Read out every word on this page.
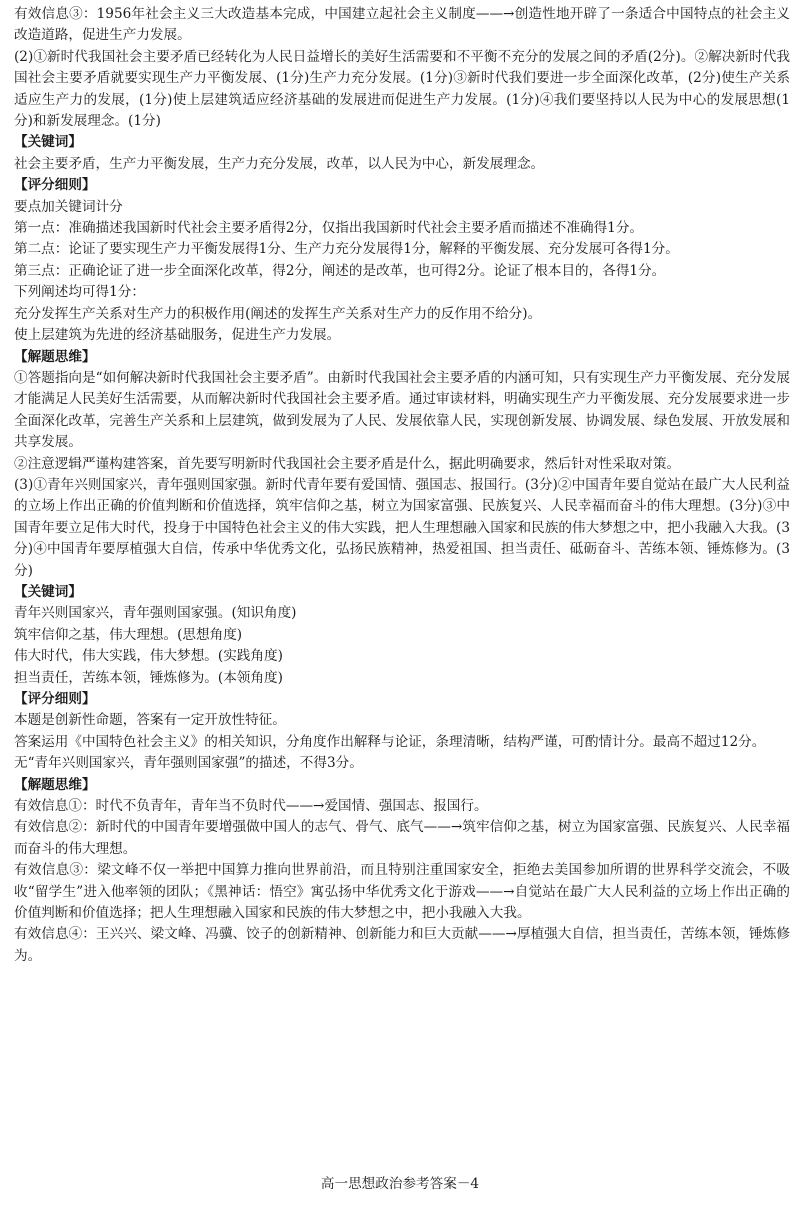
有效信息③：1956年社会主义三大改造基本完成，中国建立起社会主义制度——→创造性地开辟了一条适合中国特点的社会主义改造道路，促进生产力发展。

(2)①新时代我国社会主要矛盾已经转化为人民日益增长的美好生活需要和不平衡不充分的发展之间的矛盾(2分)。②解决新时代我国社会主要矛盾就要实现生产力平衡发展、(1分)生产力充分发展。(1分)③新时代我们要进一步全面深化改革，(2分)使生产关系适应生产力的发展，(1分)使上层建筑适应经济基础的发展进而促进生产力发展。(1分)④我们要坚持以人民为中心的发展思想(1分)和新发展理念。(1分)

【关键词】

社会主要矛盾，生产力平衡发展，生产力充分发展，改革，以人民为中心，新发展理念。

【评分细则】

要点加关键词计分

第一点：准确描述我国新时代社会主要矛盾得2分，仅指出我国新时代社会主要矛盾而描述不准确得1分。

第二点：论证了要实现生产力平衡发展得1分、生产力充分发展得1分，解释的平衡发展、充分发展可各得1分。

第三点：正确论证了进一步全面深化改革，得2分，阐述的是改革，也可得2分。论证了根本目的，各得1分。

下列阐述均可得1分：

充分发挥生产关系对生产力的积极作用(阐述的发挥生产关系对生产力的反作用不给分)。

使上层建筑为先进的经济基础服务，促进生产力发展。

【解题思维】

①答题指向是“如何解决新时代我国社会主要矛盾”。由新时代我国社会主要矛盾的内涵可知，只有实现生产力平衡发展、充分发展才能满足人民美好生活需要，从而解决新时代我国社会主要矛盾。通过审读材料，明确实现生产力平衡发展、充分发展要求进一步全面深化改革，完善生产关系和上层建筑，做到发展为了人民、发展依靠人民，实现创新发展、协调发展、绿色发展、开放发展和共享发展。

②注意逻辑严谨构建答案，首先要写明新时代我国社会主要矛盾是什么，据此明确要求，然后针对性采取对策。

(3)①青年兴则国家兴，青年强则国家强。新时代青年要有爱国情、强国志、报国行。(3分)②中国青年要自觉站在最广大人民利益的立场上作出正确的价值判断和价值选择，筑牢信仰之基，树立为国家富强、民族复兴、人民幸福而奋斗的伟大理想。(3分)③中国青年要立足伟大时代，投身于中国特色社会主义的伟大实践，把人生理想融入国家和民族的伟大梦想之中，把小我融入大我。(3分)④中国青年要厚植强大自信，传承中华优秀文化，弘扬民族精神，热爱祖国、担当责任、砥砺奋斗、苦练本领、锤炼修为。(3分)

【关键词】

青年兴则国家兴，青年强则国家强。(知识角度)

筑牢信仰之基，伟大理想。(思想角度)

伟大时代，伟大实践，伟大梦想。(实践角度)

担当责任，苦练本领，锤炼修为。(本领角度)

【评分细则】

本题是创新性命题，答案有一定开放性特征。

答案运用《中国特色社会主义》的相关知识，分角度作出解释与论证，条理清晰，结构严谨，可酌情计分。最高不超过12分。

无“青年兴则国家兴，青年强则国家强”的描述，不得3分。

【解题思维】

有效信息①：时代不负青年，青年当不负时代——→爱国情、强国志、报国行。

有效信息②：新时代的中国青年要增强做中国人的志气、骨气、底气——→筑牢信仰之基，树立为国家富强、民族复兴、人民幸福而奋斗的伟大理想。

有效信息③：梁文峰不仅一举把中国算力推向世界前沿，而且特别注重国家安全，拒绝去美国参加所谓的世界科学交流会，不吸收“留学生”进入他率领的团队；《黑神话：悟空》寓弘扬中华优秀文化于游戏——→自觉站在最广大人民利益的立场上作出正确的价值判断和价值选择；把人生理想融入国家和民族的伟大梦想之中，把小我融入大我。

有效信息④：王兴兴、梁文峰、冯骥、饺子的创新精神、创新能力和巨大贡献——→厚植强大自信，担当责任，苦练本领，锤炼修为。

高一思想政治参考答案－4
